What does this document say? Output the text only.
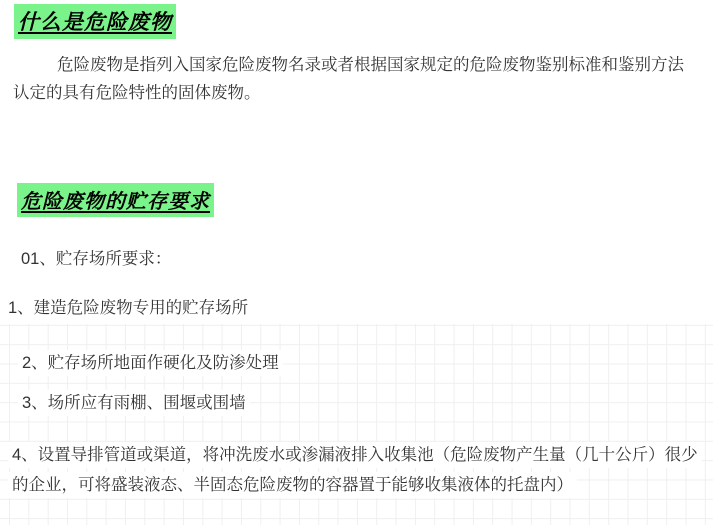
什么是危险废物

危险废物是指列入国家危险废物名录或者根据国家规定的危险废物鉴别标准和鉴别方法认定的具有危险特性的固体废物。

危险废物的贮存要求

01、贮存场所要求：

1、建造危险废物专用的贮存场所

2、贮存场所地面作硬化及防渗处理

3、场所应有雨棚、围堰或围墙

4、设置导排管道或渠道，将冲洗废水或渗漏液排入收集池（危险废物产生量（几十公斤）很少的企业，可将盛装液态、半固态危险废物的容器置于能够收集液体的托盘内）
